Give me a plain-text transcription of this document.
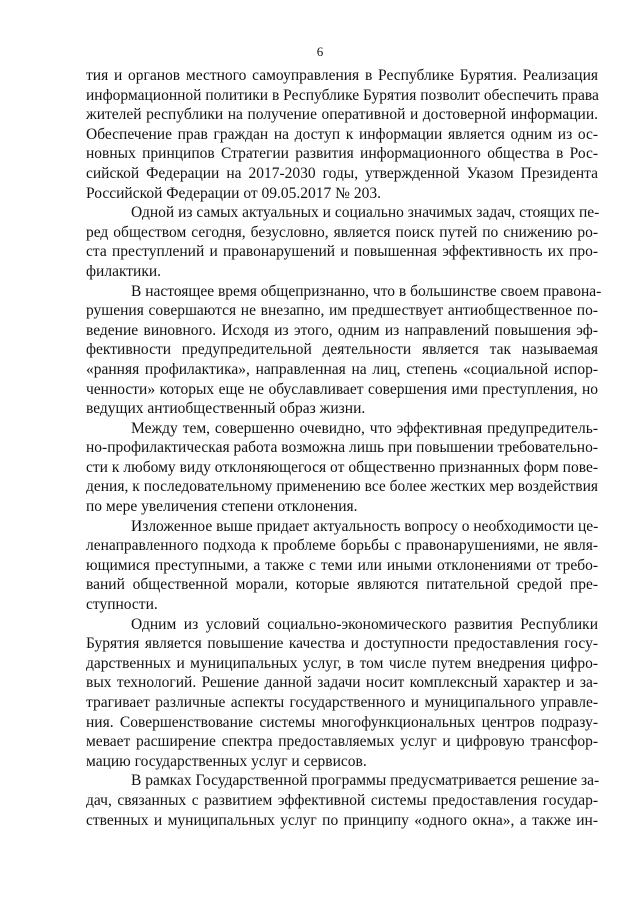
6
тия и органов местного самоуправления в Республике Бурятия. Реализация
информационной политики в Республике Бурятия позволит обеспечить права
жителей республики на получение оперативной и достоверной информации.
Обеспечение прав граждан на доступ к информации является одним из ос-
новных принципов Стратегии развития информационного общества в Рос-
сийской Федерации на 2017-2030 годы, утвержденной Указом Президента
Российской Федерации от 09.05.2017 № 203.
Одной из самых актуальных и социально значимых задач, стоящих пе-
ред обществом сегодня, безусловно, является поиск путей по снижению ро-
ста преступлений и правонарушений и повышенная эффективность их про-
филактики.
В настоящее время общепризнанно, что в большинстве своем правона-
рушения совершаются не внезапно, им предшествует антиобщественное по-
ведение виновного. Исходя из этого, одним из направлений повышения эф-
фективности предупредительной деятельности является так называемая
«ранняя профилактика», направленная на лиц, степень «социальной испор-
ченности» которых еще не обуславливает совершения ими преступления, но
ведущих антиобщественный образ жизни.
Между тем, совершенно очевидно, что эффективная предупредитель-
но-профилактическая работа возможна лишь при повышении требовательно-
сти к любому виду отклоняющегося от общественно признанных форм пове-
дения, к последовательному применению все более жестких мер воздействия
по мере увеличения степени отклонения.
Изложенное выше придает актуальность вопросу о необходимости це-
ленаправленного подхода к проблеме борьбы с правонарушениями, не явля-
ющимися преступными, а также с теми или иными отклонениями от требо-
ваний общественной морали, которые являются питательной средой пре-
ступности.
Одним из условий социально-экономического развития Республики
Бурятия является повышение качества и доступности предоставления госу-
дарственных и муниципальных услуг, в том числе путем внедрения цифро-
вых технологий. Решение данной задачи носит комплексный характер и за-
трагивает различные аспекты государственного и муниципального управле-
ния. Совершенствование системы многофункциональных центров подразу-
мевает расширение спектра предоставляемых услуг и цифровую трансфор-
мацию государственных услуг и сервисов.
В рамках Государственной программы предусматривается решение за-
дач, связанных с развитием эффективной системы предоставления государ-
ственных и муниципальных услуг по принципу «одного окна», а также ин-
